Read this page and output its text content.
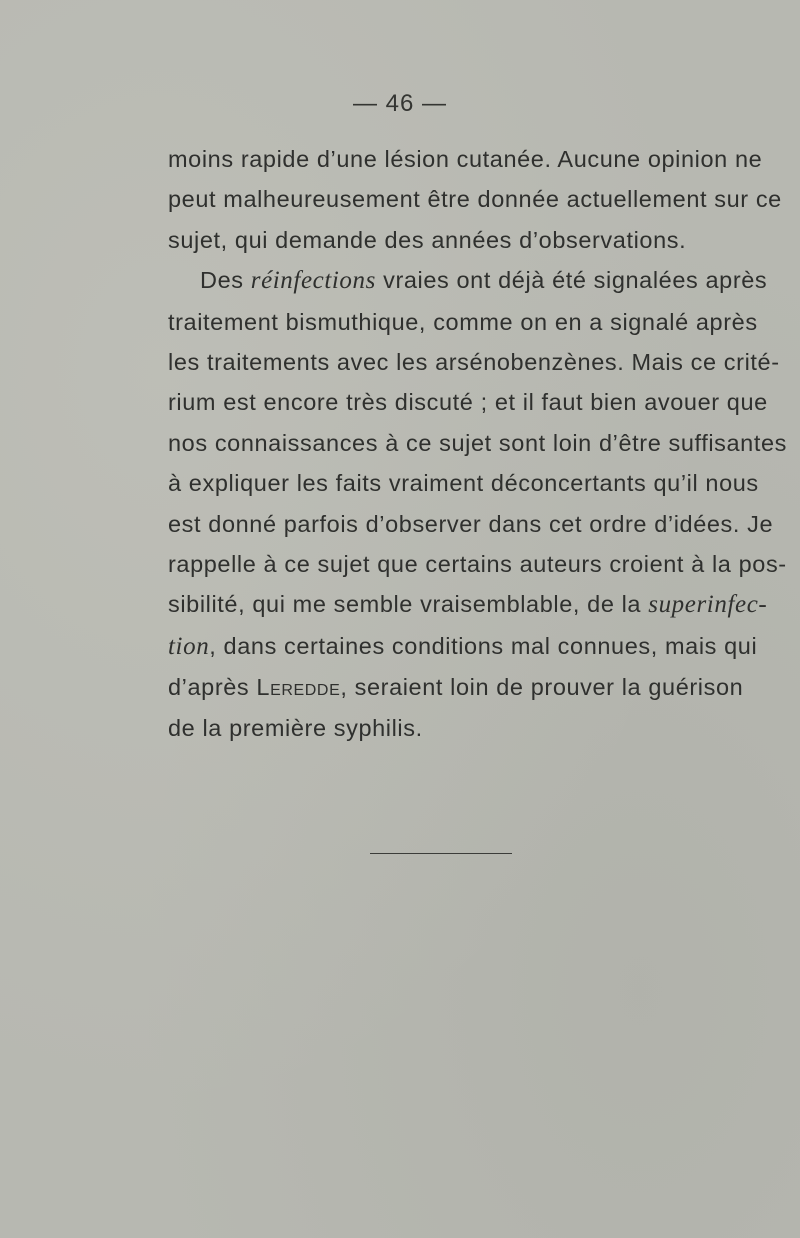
— 46 —
moins rapide d’une lésion cutanée. Aucune opinion ne
peut malheureusement être donnée actuellement sur ce
sujet, qui demande des années d’observations.
Des réinfections vraies ont déjà été signalées après
traitement bismuthique, comme on en a signalé après
les traitements avec les arsénobenzènes. Mais ce crité-
rium est encore très discuté ; et il faut bien avouer que
nos connaissances à ce sujet sont loin d’être suffisantes
à expliquer les faits vraiment déconcertants qu’il nous
est donné parfois d’observer dans cet ordre d’idées. Je
rappelle à ce sujet que certains auteurs croient à la pos-
sibilité, qui me semble vraisemblable, de la superinfec-
tion, dans certaines conditions mal connues, mais qui
d’après Leredde, seraient loin de prouver la guérison
de la première syphilis.
